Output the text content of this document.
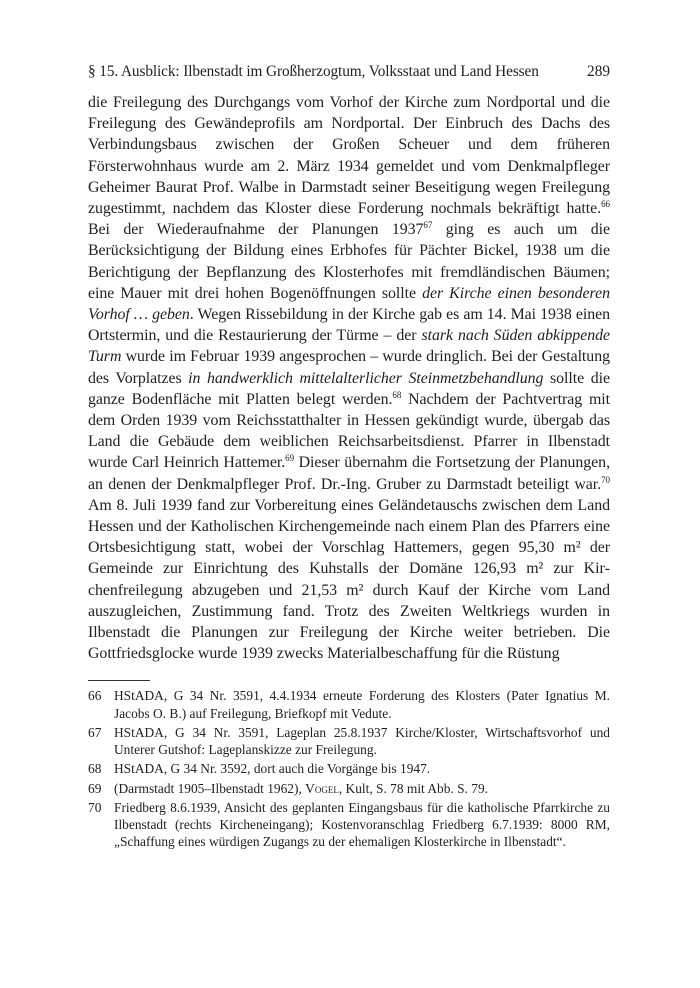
§ 15. Ausblick: Ilbenstadt im Großherzogtum, Volksstaat und Land Hessen	289

die Freilegung des Durchgangs vom Vorhof der Kirche zum Nordportal und die Freilegung des Gewändeprofils am Nordportal. Der Einbruch des Dachs des Verbindungsbaus zwischen der Großen Scheuer und dem früheren Försterwohnhaus wurde am 2. März 1934 gemeldet und vom Denkmalpfleger Geheimer Baurat Prof. Walbe in Darmstadt seiner Beseitigung wegen Freilegung zugestimmt, nachdem das Kloster diese Forderung nochmals bekräftigt hatte.$^{66}$ Bei der Wiederaufnahme der Planungen 1937$^{67}$ ging es auch um die Berücksichtigung der Bildung eines Erbhofes für Pächter Bickel, 1938 um die Berichtigung der Bepflanzung des Klosterhofes mit fremdländischen Bäumen; eine Mauer mit drei hohen Bogenöffnungen sollte der Kirche einen besonderen Vorhof … geben. Wegen Rissebildung in der Kirche gab es am 14. Mai 1938 einen Ortstermin, und die Restaurierung der Türme – der stark nach Süden abkippende Turm wurde im Februar 1939 angesprochen – wurde dringlich. Bei der Gestaltung des Vorplatzes in handwerklich mittelalterlicher Steinmetzbehandlung sollte die ganze Bodenfläche mit Platten belegt werden.$^{68}$ Nachdem der Pachtvertrag mit dem Orden 1939 vom Reichsstatthalter in Hessen gekündigt wurde, übergab das Land die Gebäude dem weiblichen Reichsarbeitsdienst. Pfarrer in Ilbenstadt wurde Carl Heinrich Hattemer.$^{69}$ Dieser übernahm die Fortsetzung der Planungen, an denen der Denkmalpfleger Prof. Dr.-Ing. Gruber zu Darmstadt beteiligt war.$^{70}$ Am 8. Juli 1939 fand zur Vorbereitung eines Geländetauschs zwischen dem Land Hessen und der Katholischen Kirchengemeinde nach einem Plan des Pfarrers eine Ortsbesichtigung statt, wobei der Vorschlag Hattemers, gegen 95,30 m² der Gemeinde zur Einrichtung des Kuhstalls der Domäne 126,93 m² zur Kirchenfreilegung abzugeben und 21,53 m² durch Kauf der Kirche vom Land auszugleichen, Zustimmung fand. Trotz des Zweiten Weltkriegs wurden in Ilbenstadt die Planungen zur Freilegung der Kirche weiter betrieben. Die Gottfriedsglocke wurde 1939 zwecks Materialbeschaffung für die Rüstung

66 HStADA, G 34 Nr. 3591, 4.4.1934 erneute Forderung des Klosters (Pater Ignatius M. Jacobs O. B.) auf Freilegung, Briefkopf mit Vedute.
67 HStADA, G 34 Nr. 3591, Lageplan 25.8.1937 Kirche/Kloster, Wirtschaftsvorhof und Unterer Gutshof: Lageplanskizze zur Freilegung.
68 HStADA, G 34 Nr. 3592, dort auch die Vorgänge bis 1947.
69 (Darmstadt 1905–Ilbenstadt 1962), Vogel, Kult, S. 78 mit Abb. S. 79.
70 Friedberg 8.6.1939, Ansicht des geplanten Eingangsbaus für die katholische Pfarrkirche zu Ilbenstadt (rechts Kircheneingang); Kostenvoranschlag Friedberg 6.7.1939: 8000 RM, „Schaffung eines würdigen Zugangs zu der ehemaligen Klosterkirche in Ilbenstadt“.
